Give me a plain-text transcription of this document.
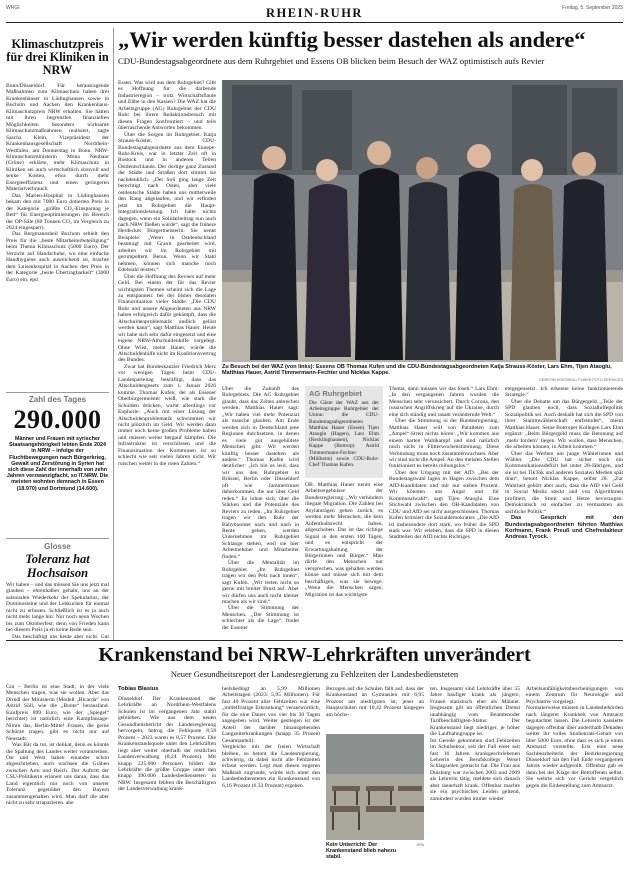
WRGI	RHEIN-RUHR	Freitag, 5. September 2025
Klimaschutzpreis für drei Kliniken in NRW

Bonn/Düsseldorf. Für herausragende Maßnahmen zum Klimaschutz haben drei Krankenhäuser in Lüdinghausen sowie in Bochum und Aachen den Krankenhaus-Klimaschutzpreis NRW erhalten. Sie hätten mit ihren begrenzten finanziellen Möglichkeiten besonders wirksame Klimaschutzmaßnahmen realisiert, sagte Sascha Klein, Vizepräsident der Krankenhausgesellschaft Nordrhein-Westfalen, am Donnerstag in Bonn. NRW-Klimaschutzministerin Mona Neubaur (Grüne) erklärte, mehr Klimaschutz in Kliniken sei auch wirtschaftlich sinnvoll und senke Kosten, etwa durch mehr Energieeffizienz und einen geringeren Materialverbrauch.

Das Marien-Hospital in Lüdinghausen bekam den mit 7000 Euro dotierten Preis in der Kategorie „größte CO₂-Einsparung je Bett“ für Energieoptimierungen im Bereich der OP-Säle (80 Tonnen CO₂ im Vergleich zu 2024 eingespart).

Das Bergmannsheil Bochum erhielt den Preis für die „beste Mitarbeiterbeteiligung“ beim Thema Klimaschutz (5000 Euro). Der Verzicht auf Handschuhe, wo eine einfache Handhygiene auch ausreichend ist, brachte dem Luisenhospital in Aachen den Preis in der Kategorie „beste Übertragbarkeit“ (3000 Euro) ein. epd

Zahl des Tages
290.000
Männer und Frauen mit syrischer Staatsangehörigkeit lebten Ende 2024 in NRW – infolge der Fluchtbewegungen nach Bürgerkrieg, Gewalt und Zerstörung in Syrien hat sich diese Zahl der innerhalb von zehn Jahren verzwanzigfacht, so IT.NRW. Die meisten wohnten demnach in Essen (18.970) und Dortmund (14.600).
Glosse
Toleranz hat Hochsaison

Wir haben – und das müssen Sie uns jetzt mal glauben – ehrenhalber gehabt, uns an der saisonalen Wiederkehr der Spekulatius, der Dominosteine und der Lebkuchen für einmal nicht zu erbosen. Schließlich ist es ja auch nicht mehr lange hin: Nur noch neun Wochen bis zum Oktoberfest, denn von Frieden kann bei diesem Preis ja eh keine Rede sein.

Das beschäftigt uns heute aber nicht. Gut

Gut – Berlin ist eine Stadt, in der viele Menschen tragen, was sie wollen. Aber das Dirndl der Ministerin (Modell „Ricarda“ von Astrid Söll, wie die „Bunte“ herausfand. Kaufpreis 899 Euro, wie der „Spiegel“ berichtet) ist natürlich eine Kampfansage: Nimm das, Berlin-Mitte! Frauen, die gerne Schürze tragen, gibt es nicht nur auf Neustadt.

Was Bär da tut, ist delikat, denn es könnte die Spaltung des Landes weiter vorantreiben. Ost und West haben einander schon abgeschrieben, auch wachsen die Gräben zwischen Arm und Reich. Der Auftritt der CSU-Politikerin erinnert uns daran, dass das Land eigentlich nur noch von unserer Toleranz gegenüber den Bayern zusammengehalten wird. Man darf die aber nicht zu sehr strapazieren. abe

„Wir werden künftig besser dastehen als andere“
CDU-Bundestagsabgeordnete aus dem Ruhrgebiet und Essens OB blicken beim Besuch der WAZ optimistisch aufs Revier

Essen. Was wird aus dem Ruhrgebiet? Gibt es Hoffnung für die darbende Industrieregion – trotz Wirtschaftsflaute und Ebbe in den Kassen? Die WAZ hat die Arbeitsgruppe (AG) Ruhrgebiet der CDU Ruhr bei ihrem Redaktionsbesuch mit diesen Fragen konfrontiert – und teils überraschende Antworten bekommen.

Über die Sorgen im Ruhrgebiet. Katja Strauss-Köster, CDU-Bundestagsabgeordnete aus dem Ennepe-Ruhr-Kreis, war in letzter Zeit oft in Rostock und in anderen Teilen Ostdeutschlands. Der dortige ganz Zustand der Städte und Straßen dort stimmt sie nachdenklich. „Der Soli ging lange Zeit berechtigt nach Osten, aber viele ostdeutsche Städte haben uns mittlerweile den Rang abgelaufen, und wir erfinden jetzt im Ruhrgebiet die Haupt-Integrationsleistung. Ich hätte nichts dagegen, wenn ein Solidarbeitrag nun auch nach NRW fließen würde“, sagt die frühere Herdecker Bürgermeisterin. Sie nennt Beispiele: „Wenn in Ostdeutschland beantragt mit Granit gearbeitet wird, arbeiten wir im Ruhrgebiet mit gerumpeltem Beton. Wenn wir Stahl nehmen, können sich manche noch Edelstahl leisten.“

Über die Hoffnung des Reviers auf mehr Geld. Bei einem der für das Revier wichtigsten Themen scheint sich die Lage zu entspannen: bei der bisher desolaten Finanzsituation vieler Städte. „Die CDU Ruhr und unsere Abgeordneten aus NRW haben erfolgreich dafür gekämpft, dass die Altschuldenproblematik endlich gelöst werden kann“, sagt Matthias Hauer. Heute wir habe sich sehr dafür eingesetzt und eine eigene NRW-Altschuldenhilfe vorgelegt. Ohne Wüst, meint Hauer, würde die Altschuldenhilfe nicht im Koalitionsvertrag des Bundes.

Zwar hat Bundeskanzler Friedrich Merz vor wenigen Tagen beim CDU-Landesparteitag bekräftigt, dass das Altschuldengesetz zum 1. Januar 2026 komme. Thomas Kufen, der als Essener Oberbürgermeister weiß, wie stark die Schulden drücken, warnt allerdings vor Euphorie: „Auch mit einer Lösung der Altschuldenproblematik schwimmen wir nicht plötzlich im Geld. Wir werden dann immer noch keine großen Probleme haben und müssen weiter bergauf kämpfen. Die Infrastruktur ist verschlissen und die Finanzsituation der Kommunen ist so schlecht wie seit vielen Jahren nicht. Wir rutschen weiter in die roten Zahlen.“

Zu Besuch bei der WAZ (von links): Essens OB Thomas Kufen und die CDU-Bundestagsabgeordneten Katja Strauss-Köster, Lars Ehm, Tijen Ataoglu, Matthias Hauer, Astrid Timmermann-Fechter und Nicklas Kappe.
KERSTIN KOKOSKA / FUNKE FOTO SERVICES

Über die Zukunft des Ruhrgebiets. Die AG Ruhrgebiet glaubt, dass das Zeiten anbrechen werden. Matthias Hauer sagt: „Wir haben viel mehr Potenzial als manche glauben. Am Ende werden sich in Deutschland jene Regionen durchsetzen, in denen es viele gut ausgebildete Menschen gibt. Wir werden künftig besser dastehen als andere.“ Thomas Kufen wird deutlicher: „Ich bin es leid, dass wir uns den Ruhrgebiet in Brüssel, Berlin oder Düsseldorf oft wie Jammertrunst daherkommen, die nur über Geld reden.“ Es lohne sich, über die Stärken und die Potenziale des Reviers zu reden. „Im Ruhrgebiet tragen wir den Ruhr der Babyboomer nach und nach in Rente gehen, werden Unternehmen im Ruhrgebiet Schlange stehen, weil sie hier Arbeitnehmer und Mitarbeiter finden.“

Über die Mentalität im Ruhrgebiet. „Im Ruhrgebiet tragen wir den Pelz nach innen“, sagt Kufen. „Wir treten nicht so gerne mit breiter Brust auf. Aber wir dürfen uns auch nicht kleiner machen als wir sind.“

Über die Stimmung der Menschen. „Die Stimmung ist schlechter als die Lage“, findet der Essener

AG Ruhrgebiet
Die Gäste der WAZ aus der Arbeitsgruppe Ruhrgebiet der Union: die CDU-Bundestagsabgeordneten Matthias Hauer (Essen) Tijen Ataoglu (Hagen), Lars Ehm (Recklinghausen), Nicklas Kappe (Bottrop) Astrid Timmermann-Fechter (Mülheim) sowie CDU-Ruhr-Chef Thomas Kufen.
OB. Matthias Hauer nennt eine Arbeitsergebnisse der Bundesregierung: „Wir verhindern illegale Migration. Die Zahlen bei Asylanträgen gehen zurück, es werden mehr Menschen, die kein Aufenthaltsrecht haben, abgeschoben. Das ist das richtige Signal in den ersten 100 Tagen, und es entspricht der Erwartungshaltung der Bürgerinnen und Bürger.“ Man dürfe den Menschen nur versprechen, was gehalten werden könne und müsse sich mit dem beschäftigen, was sie bewege. „Wenn die Menschen sagen, Migration ist das wichtigste

Thema, dann müssen wir das lösen.“ Lars Ehm: „In den vergangenen Jahren wurden die Menschen sehr verunsichert. Durch Corona, den russischen Angriffskrieg auf die Ukraine, durch eine sich ständig und rasant verändernde Welt.“

Über die Stimmung in der Bundesregierung. Matthias Hauer will von Parallelen zum „Ampel“-Streit nichts hören: „Wir kommen aus einem harten Wahlkampf und sind natürlich noch nicht in Flitterwochenstimmung. Diese Verbindung muss noch zusammenwachsen. Aber wir sind nicht die Ampel. An den meisten Stellen funktioniert es bereits reibungslos.“

Über den Umgang mit der AfD. „Bei der Bundestagswahl lagen in Hagen zwischen dem AfD-Kandidaten und mir nur sieben Prozent. Wir könnten uns Angst und für Kommunalwahl“, sagt Tijen Ataoglu. Eine Stichwahl zwischen den OB-Kandidaten von CDU und AfD sei nicht ausgeschlossen. Thomas Kufen kritisiert die Sozialdemokraten: „Die AfD ist insbesondere dort stark, wo früher die SPD stark war. Wir erleben, dass die SPD in diesen Stadtteilen der AfD nichts Richtiges

entgegensetzt. Ich erkenne keine funktionierende Strategie.“

Über die Debatte um das Bürgergeld. „Teile der SPD glauben noch, dass Sozialhilfepolitik Sozialpolitik sei. Auch deshalb hat sich die SPD von ihrer Stammwählerschaft entfremdet“, meint Matthias Hauer. Seine Bottroper Kollegen Lars Ehm ergänzt: „Beim Bürgergeld muss die Betonung auf ‚mehr fordern‘ liegen. Wir wollen, dass Menschen, die arbeiten können, in Arbeit kommen.“

Über das Werben um junge Wählerinnen und Wähler. „Die CDU hat sicher noch ein Kommunikationsdefizit bei unter 28-Jährigen, und sie ist bei TikTok und anderen Sozialen Medien spät dran“, betont Nicklas Kappe, selbst 28. „Zur Wahrheit gehört aber auch, dass die AfD viel Geld in Social Media steckt und von Algorithmen profitiert, die Streit und Hetze bevorzugen. Demokratisch ist einfacher zu vermarkten als sachliche Politik.“

Das Gespräch mit den Bundestagsabgeordneten führten Matthias Korfmann, Frank Preuß und Chefredakteur Andreas Tyrock.

Krankenstand bei NRW-Lehrkräften unverändert
Neuer Gesundheitsreport der Landesregierung zu Fehlzeiten der Landesbediensteten
Tobias Blasius
Düsseldorf. Der Krankenstand der Lehrkräfte an Nordrhein-Westfalens Schulen ist im vergangenen Jahr stabil geblieben. Wie aus dem neuen Gesundheitsbericht der Landesregierung hervorgeht, betrug die Fehlquote 8,58 Prozent – 2023 waren es 8,57 Prozent. Die Krankenstandsquote unter den Lehrkräften liegt aber weiter oberhalb der restlichen Landesverwaltung (8,24 Prozent). Mit knapp 225.000 Personen bilden die Lehrkräfte die größte Gruppe unter den knapp 390.000 Landesbediensteten in NRW. Insgesamt fehlten die Beschäftigten der Landesverwaltung krank-
heitsbedingt an 5,99 Millionen Arbeitstagen (2023: 5,95 Millionen). Für fast 40 Prozent aller Fehlzeiten war eine „mittelfristige Erkrankung“ verantwortlich, für die eine Dauer von vier bis 30 Tagen angegeben wird. Weiter gestiegen ist der Anteil der darüber hinausgehenden Langzeiterkrankungen (knapp 35 Prozent Gesamtanteil).
Vergleiche mit der freien Wirtschaft bleiben, so betont die Landesregierung, schwierig, da dabei nicht alle Fehlzeiten erfasst werden. Legt man diesen engeren Maßstab zugrunde, würde sich unter den Landesbediensteten ein Krankenstand von 6,16 Prozent (6,33 Prozent) ergeben.
Bezogen auf die Schulen fällt auf, dass der Krankenstand an Gymnasien mit 6,95 Prozent am niedrigsten ist, jener an Hauptschulen mit 10,42 Prozent hingegen am höchs-
Kein Unterricht: Der Krankenstand blieb nahezu stabil.
DPA
ten. Insgesamt sind Lehrkräfte über 55 Jahre häufiger krank als jüngere, Frauen statistisch eher als Männer. Insgesamt gilt im öffentlichen Dienst unabhängig vom Beamtenoder Tarifbeschäftigten-Status: Der Krankenstand liegt niedriger, je höher die Laufbahngruppe ist.
Im Gerede gekommen sind Fehlzeiten im Schulsektor, seit der Fall einer seit fast 16 Jahren krankgeschriebenen Lehrerin des Berufskollegs Wesel Schlagzeilen gemacht hat. Die Frau aus Duisburg war zwischen 2003 und 2009 als Lehrerin tätig, meldete sich danach aber dauerhaft krank. Offenbar machte sie ein psychisches Leiden geltend, zumindest wurden immer wieder
Arbeitsunfähigkeitsbescheinigungen von einem Zentrum für Neurologie und Psychiatrie vorgelegt.
Normalerweise müssen in Landesbehörden nach längerer Krankheit von Amtsarzt begutachtet lassen. Die Lehrerin kassierte dagegen offenbar über anderthalb Dekaden weiter ihr volles Studienrats-Gehalt von über 5000 Euro, ohne dass es sich je einen Amtsarzt vorstellte. Erst eine neue Sachbearbeiterin der Bezirksregierung Düsseldorf hat den Fall Ende vergangenen Jahres wieder aufgerollt. Offenbar gab es dann bei der Klage der Betroffenen selbst. Sie wehrte sich vor Gericht vergeblich gegen die Einbestellung zum Amtsarzt.
